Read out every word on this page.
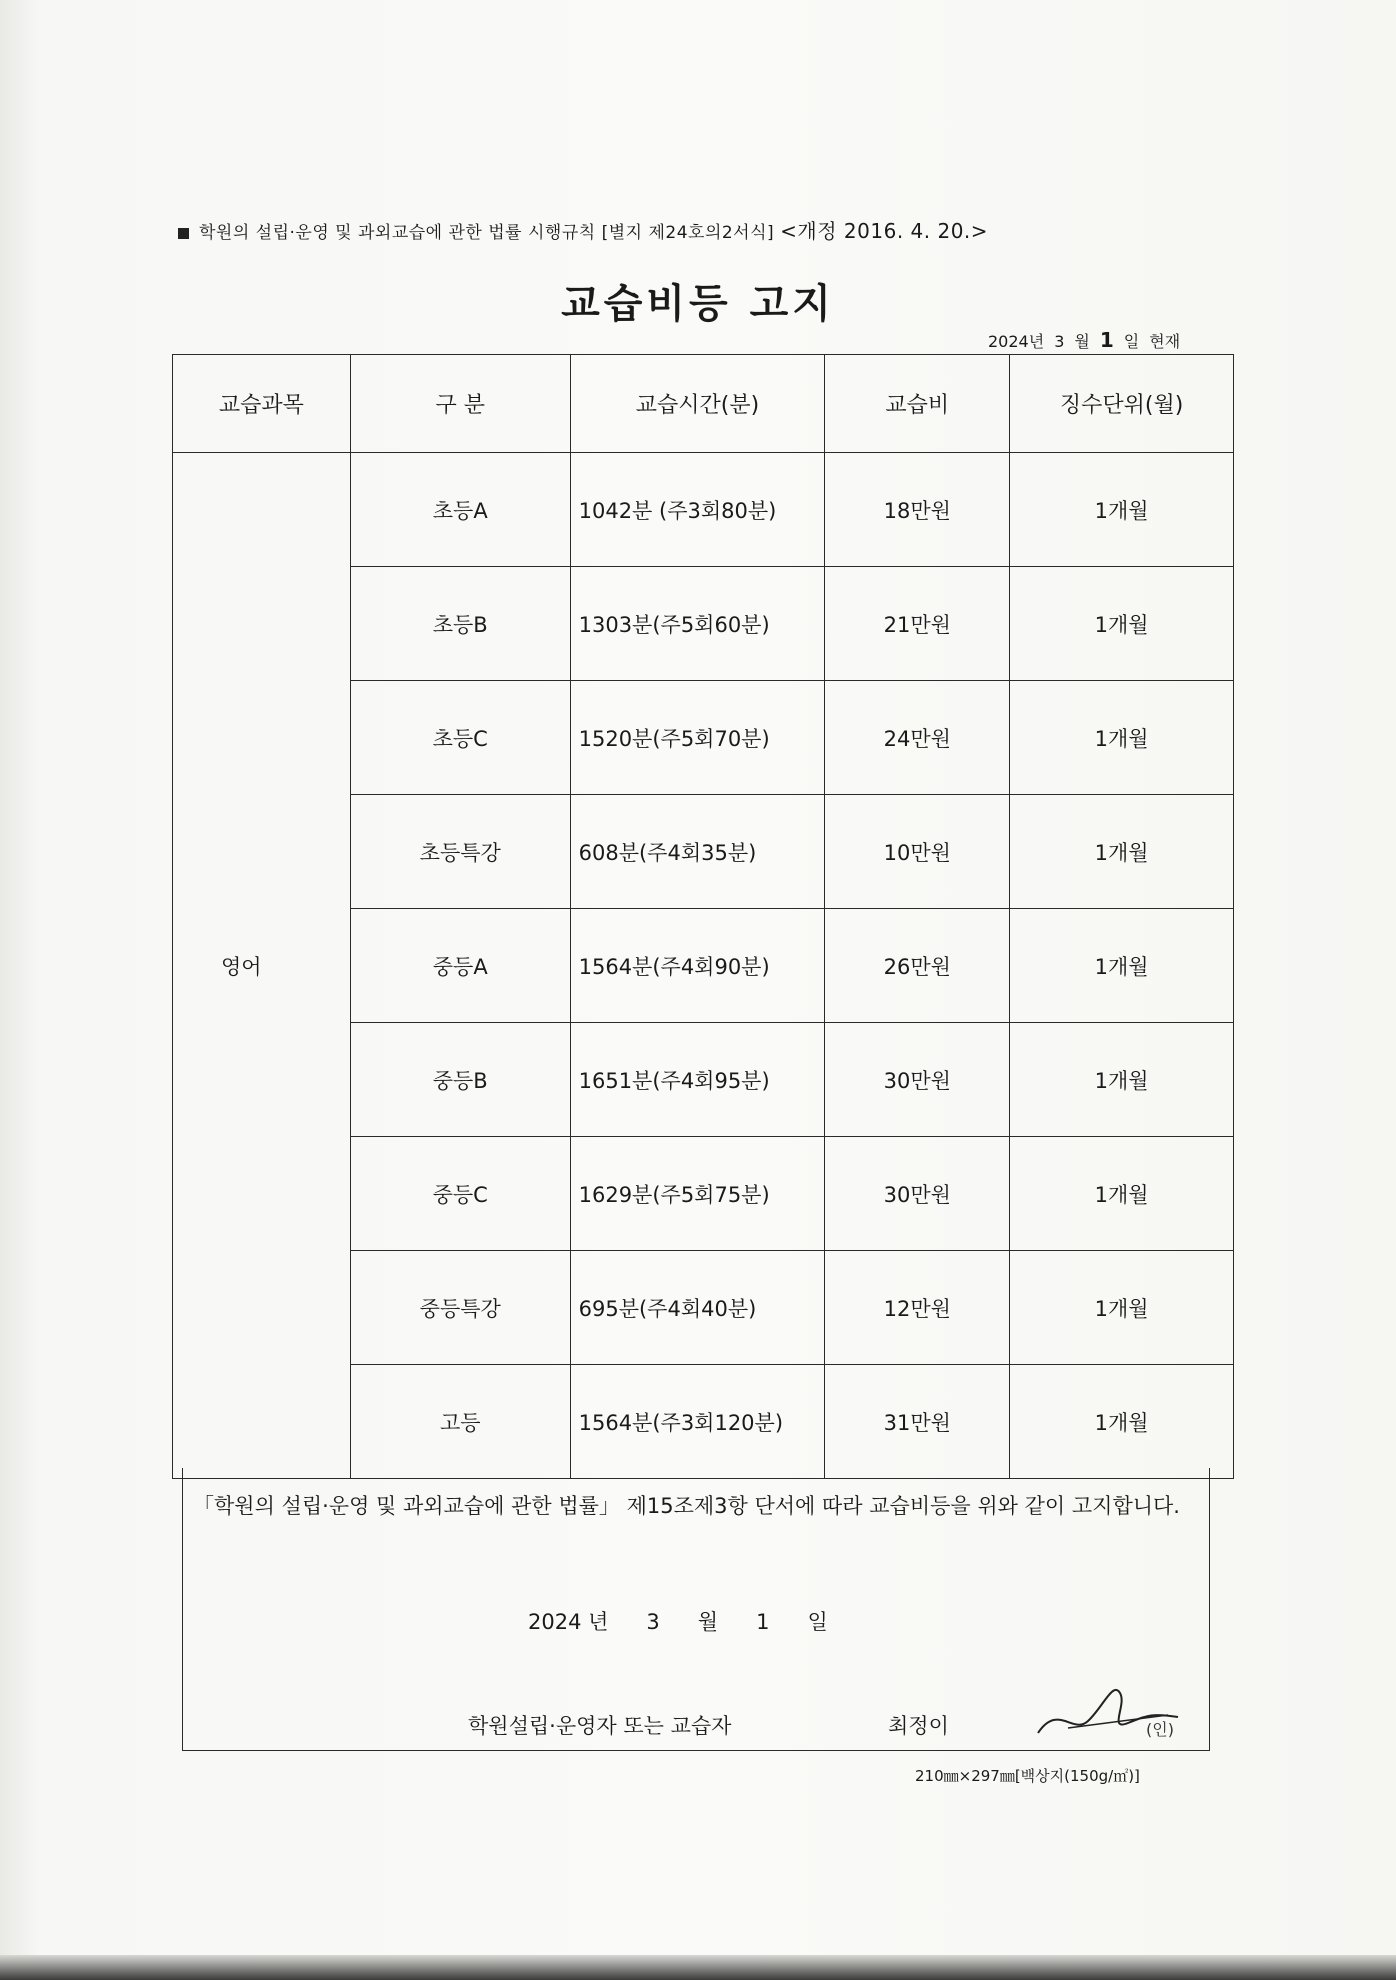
학원의 설립·운영 및 과외교습에 관한 법률 시행규칙 [별지 제24호의2서식] <개정 2016. 4. 20.>
교습비등 고지
2024년 3 월 1 일 현재
교습과목	구 분	교습시간(분)	교습비	징수단위(월)
영어	초등A	1042분 (주3회80분)	18만원	1개월
	초등B	1303분(주5회60분)	21만원	1개월
	초등C	1520분(주5회70분)	24만원	1개월
	초등특강	608분(주4회35분)	10만원	1개월
	중등A	1564분(주4회90분)	26만원	1개월
	중등B	1651분(주4회95분)	30만원	1개월
	중등C	1629분(주5회75분)	30만원	1개월
	중등특강	695분(주4회40분)	12만원	1개월
	고등	1564분(주3회120분)	31만원	1개월
「학원의 설립·운영 및 과외교습에 관한 법률」 제15조제3항 단서에 따라 교습비등을 위와 같이 고지합니다.
2024 년 3 월 1 일
학원설립·운영자 또는 교습자	최정이	(인)
210㎜×297㎜[백상지(150g/㎡)]
